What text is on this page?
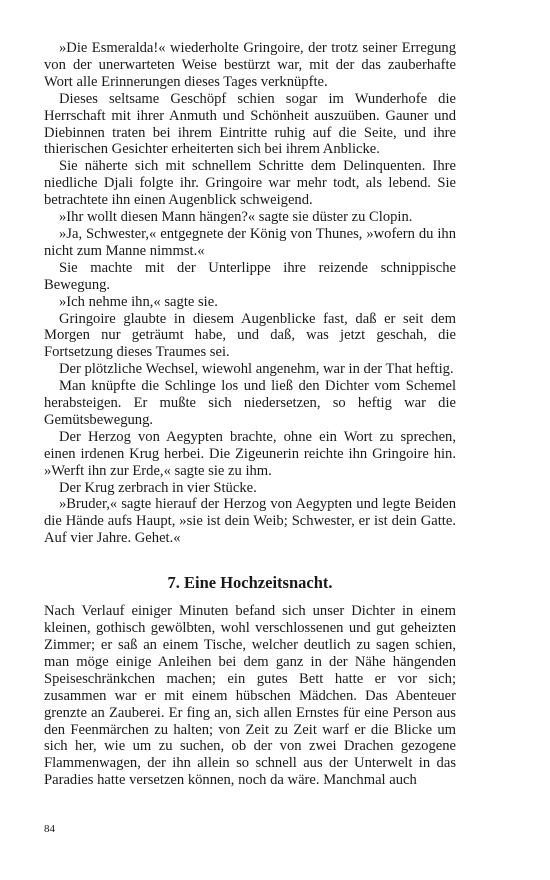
»Die Esmeralda!« wiederholte Gringoire, der trotz seiner Erregung von der unerwarteten Weise bestürzt war, mit der das zauberhafte Wort alle Erinnerungen dieses Tages verknüpfte.

Dieses seltsame Geschöpf schien sogar im Wunderhofe die Herrschaft mit ihrer Anmuth und Schönheit auszuüben. Gauner und Diebinnen traten bei ihrem Eintritte ruhig auf die Seite, und ihre thierischen Gesichter erheiterten sich bei ihrem Anblicke.

Sie näherte sich mit schnellem Schritte dem Delinquenten. Ihre niedliche Djali folgte ihr. Gringoire war mehr todt, als lebend. Sie betrachtete ihn einen Augenblick schweigend.

»Ihr wollt diesen Mann hängen?« sagte sie düster zu Clopin.

»Ja, Schwester,« entgegnete der König von Thunes, »wofern du ihn nicht zum Manne nimmst.«

Sie machte mit der Unterlippe ihre reizende schnippische Bewegung.

»Ich nehme ihn,« sagte sie.

Gringoire glaubte in diesem Augenblicke fast, daß er seit dem Morgen nur geträumt habe, und daß, was jetzt geschah, die Fortsetzung dieses Traumes sei.

Der plötzliche Wechsel, wiewohl angenehm, war in der That heftig.

Man knüpfte die Schlinge los und ließ den Dichter vom Schemel herabsteigen. Er mußte sich niedersetzen, so heftig war die Gemütsbewegung.

Der Herzog von Aegypten brachte, ohne ein Wort zu sprechen, einen irdenen Krug herbei. Die Zigeunerin reichte ihn Gringoire hin. »Werft ihn zur Erde,« sagte sie zu ihm.

Der Krug zerbrach in vier Stücke.

»Bruder,« sagte hierauf der Herzog von Aegypten und legte Beiden die Hände aufs Haupt, »sie ist dein Weib; Schwester, er ist dein Gatte. Auf vier Jahre. Gehet.«

7. Eine Hochzeitsnacht.

Nach Verlauf einiger Minuten befand sich unser Dichter in einem kleinen, gothisch gewölbten, wohl verschlossenen und gut geheizten Zimmer; er saß an einem Tische, welcher deutlich zu sagen schien, man möge einige Anleihen bei dem ganz in der Nähe hängenden Speiseschränkchen machen; ein gutes Bett hatte er vor sich; zusammen war er mit einem hübschen Mädchen. Das Abenteuer grenzte an Zauberei. Er fing an, sich allen Ernstes für eine Person aus den Feenmärchen zu halten; von Zeit zu Zeit warf er die Blicke um sich her, wie um zu suchen, ob der von zwei Drachen gezogene Flammenwagen, der ihn allein so schnell aus der Unterwelt in das Paradies hatte versetzen können, noch da wäre. Manchmal auch

84
